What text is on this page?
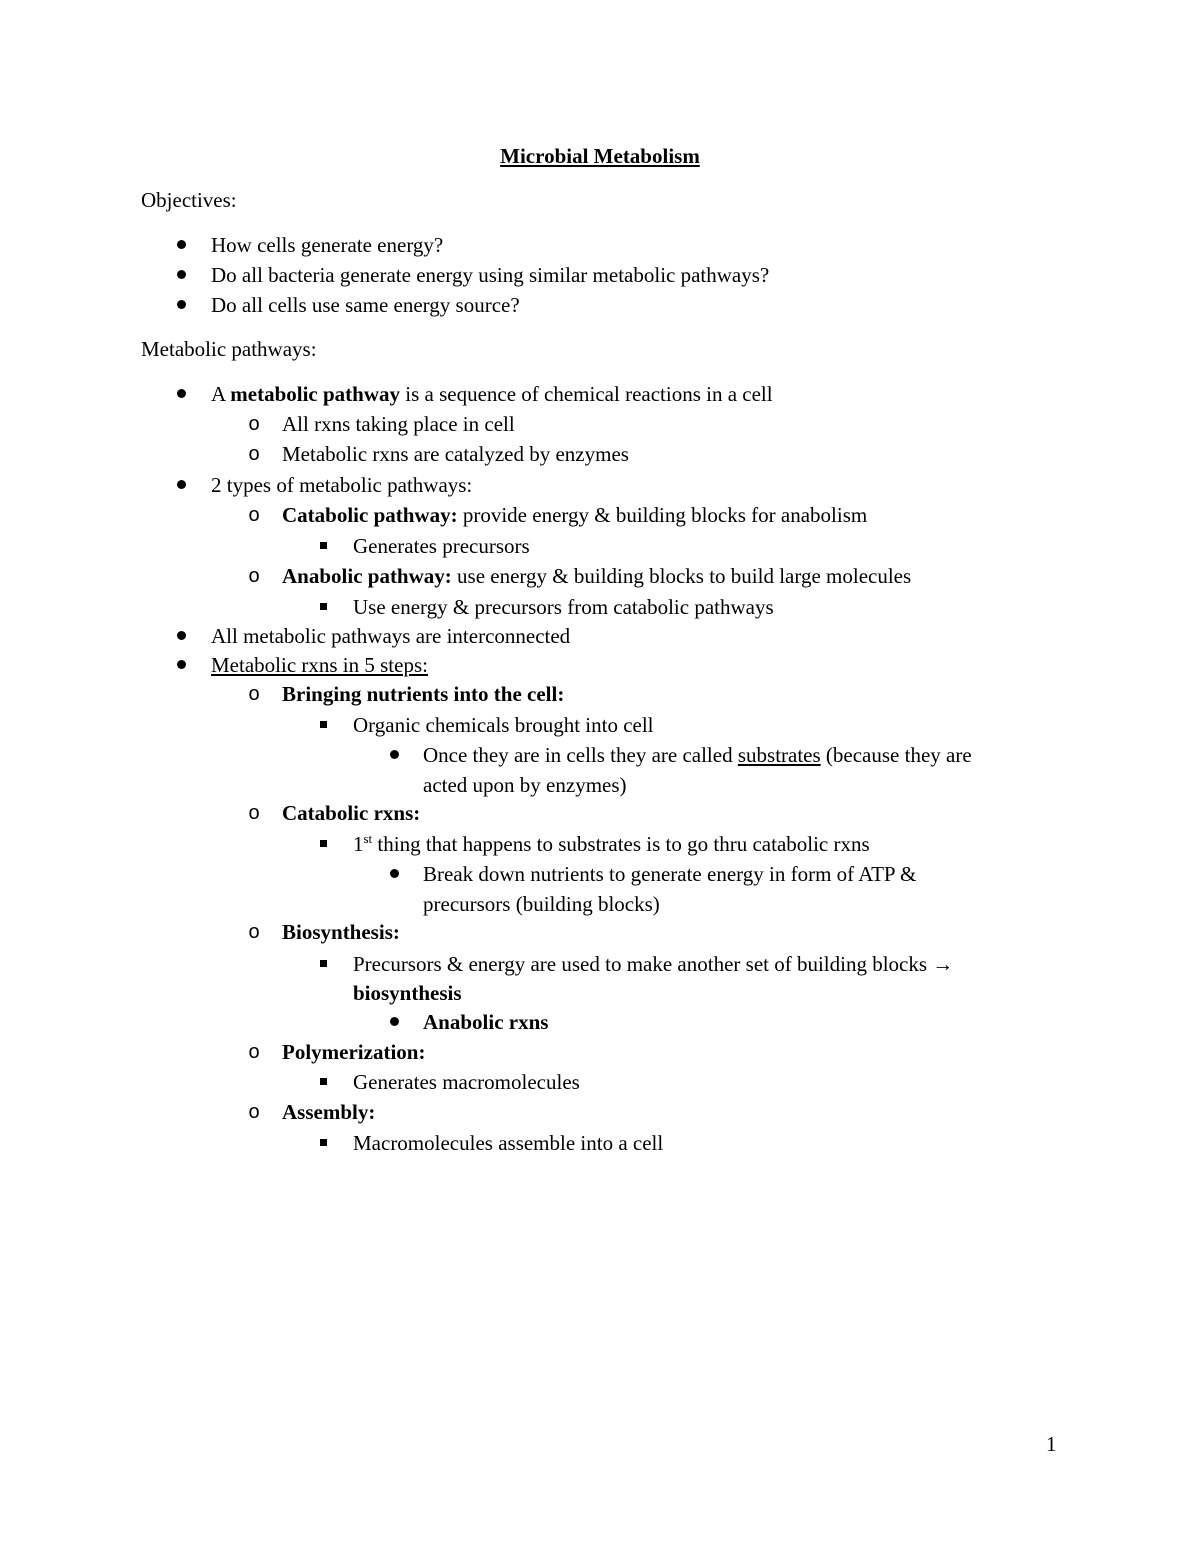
Microbial Metabolism
Objectives:
How cells generate energy?
Do all bacteria generate energy using similar metabolic pathways?
Do all cells use same energy source?
Metabolic pathways:
A metabolic pathway is a sequence of chemical reactions in a cell
o	All rxns taking place in cell
o	Metabolic rxns are catalyzed by enzymes
2 types of metabolic pathways:
o	Catabolic pathway: provide energy & building blocks for anabolism
Generates precursors
o	Anabolic pathway: use energy & building blocks to build large molecules
Use energy & precursors from catabolic pathways
All metabolic pathways are interconnected
Metabolic rxns in 5 steps:
o	Bringing nutrients into the cell:
Organic chemicals brought into cell
Once they are in cells they are called substrates (because they are
acted upon by enzymes)
o	Catabolic rxns:
1st thing that happens to substrates is to go thru catabolic rxns
Break down nutrients to generate energy in form of ATP &
precursors (building blocks)
o	Biosynthesis:
Precursors & energy are used to make another set of building blocks →
biosynthesis
Anabolic rxns
o	Polymerization:
Generates macromolecules
o	Assembly:
Macromolecules assemble into a cell
1
